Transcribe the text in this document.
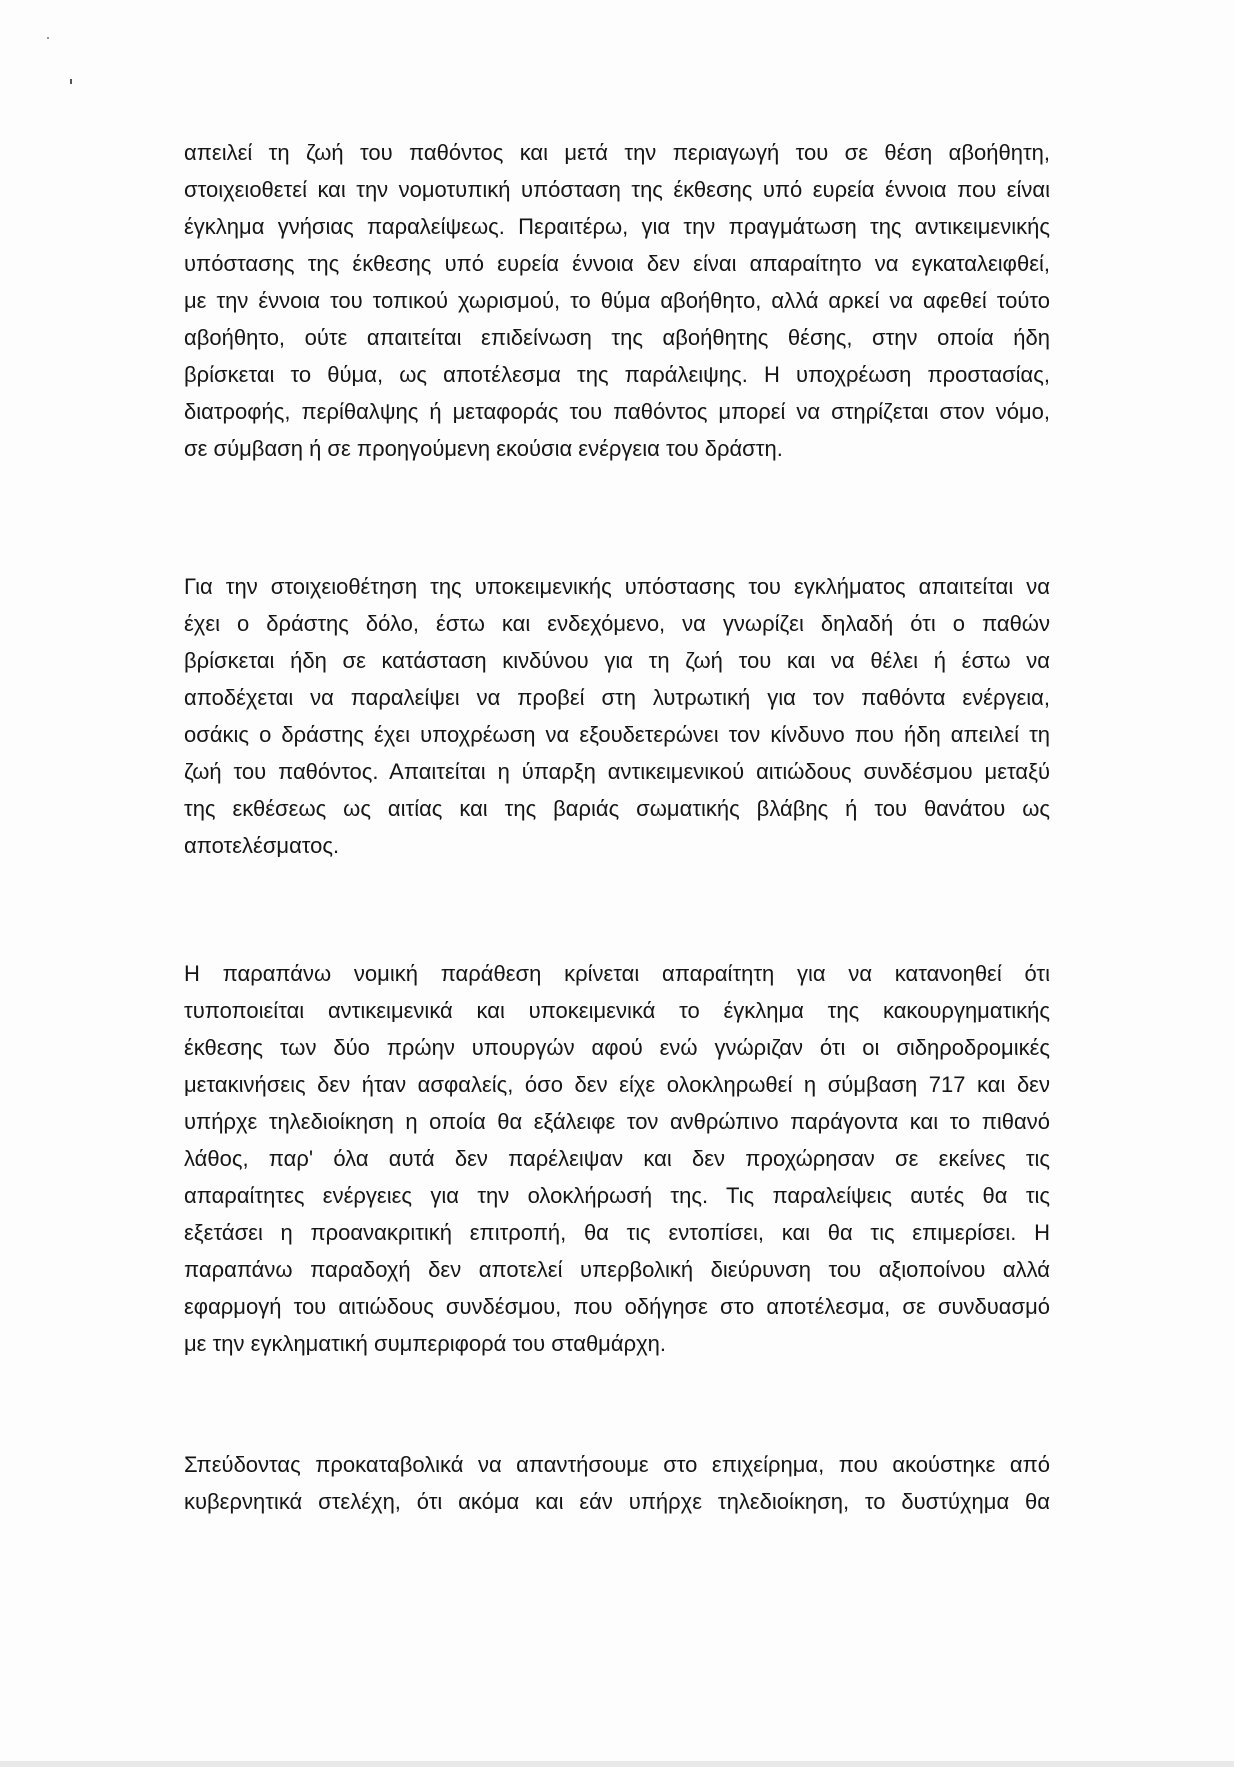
απειλεί τη ζωή του παθόντος και μετά την περιαγωγή του σε θέση αβοήθητη,
στοιχειοθετεί και την νομοτυπική υπόσταση της έκθεσης υπό ευρεία έννοια που είναι
έγκλημα γνήσιας παραλείψεως. Περαιτέρω, για την πραγμάτωση της αντικειμενικής
υπόστασης της έκθεσης υπό ευρεία έννοια δεν είναι απαραίτητο να εγκαταλειφθεί,
με την έννοια του τοπικού χωρισμού, το θύμα αβοήθητο, αλλά αρκεί να αφεθεί τούτο
αβοήθητο, ούτε απαιτείται επιδείνωση της αβοήθητης θέσης, στην οποία ήδη
βρίσκεται το θύμα, ως αποτέλεσμα της παράλειψης. Η υποχρέωση προστασίας,
διατροφής, περίθαλψης ή μεταφοράς του παθόντος μπορεί να στηρίζεται στον νόμο,
σε σύμβαση ή σε προηγούμενη εκούσια ενέργεια του δράστη.
Για την στοιχειοθέτηση της υποκειμενικής υπόστασης του εγκλήματος απαιτείται να
έχει ο δράστης δόλο, έστω και ενδεχόμενο, να γνωρίζει δηλαδή ότι ο παθών
βρίσκεται ήδη σε κατάσταση κινδύνου για τη ζωή του και να θέλει ή έστω να
αποδέχεται να παραλείψει να προβεί στη λυτρωτική για τον παθόντα ενέργεια,
οσάκις ο δράστης έχει υποχρέωση να εξουδετερώνει τον κίνδυνο που ήδη απειλεί τη
ζωή του παθόντος. Απαιτείται η ύπαρξη αντικειμενικού αιτιώδους συνδέσμου μεταξύ
της εκθέσεως ως αιτίας και της βαριάς σωματικής βλάβης ή του θανάτου ως
αποτελέσματος.
Η παραπάνω νομική παράθεση κρίνεται απαραίτητη για να κατανοηθεί ότι
τυποποιείται αντικειμενικά και υποκειμενικά το έγκλημα της κακουργηματικής
έκθεσης των δύο πρώην υπουργών αφού ενώ γνώριζαν ότι οι σιδηροδρομικές
μετακινήσεις δεν ήταν ασφαλείς, όσο δεν είχε ολοκληρωθεί η σύμβαση 717 και δεν
υπήρχε τηλεδιοίκηση η οποία θα εξάλειφε τον ανθρώπινο παράγοντα και το πιθανό
λάθος, παρ' όλα αυτά δεν παρέλειψαν και δεν προχώρησαν σε εκείνες τις
απαραίτητες ενέργειες για την ολοκλήρωσή της. Τις παραλείψεις αυτές θα τις
εξετάσει η προανακριτική επιτροπή, θα τις εντοπίσει, και θα τις επιμερίσει. Η
παραπάνω παραδοχή δεν αποτελεί υπερβολική διεύρυνση του αξιοποίνου αλλά
εφαρμογή του αιτιώδους συνδέσμου, που οδήγησε στο αποτέλεσμα, σε συνδυασμό
με την εγκληματική συμπεριφορά του σταθμάρχη.
Σπεύδοντας προκαταβολικά να απαντήσουμε στο επιχείρημα, που ακούστηκε από
κυβερνητικά στελέχη, ότι ακόμα και εάν υπήρχε τηλεδιοίκηση, το δυστύχημα θα
